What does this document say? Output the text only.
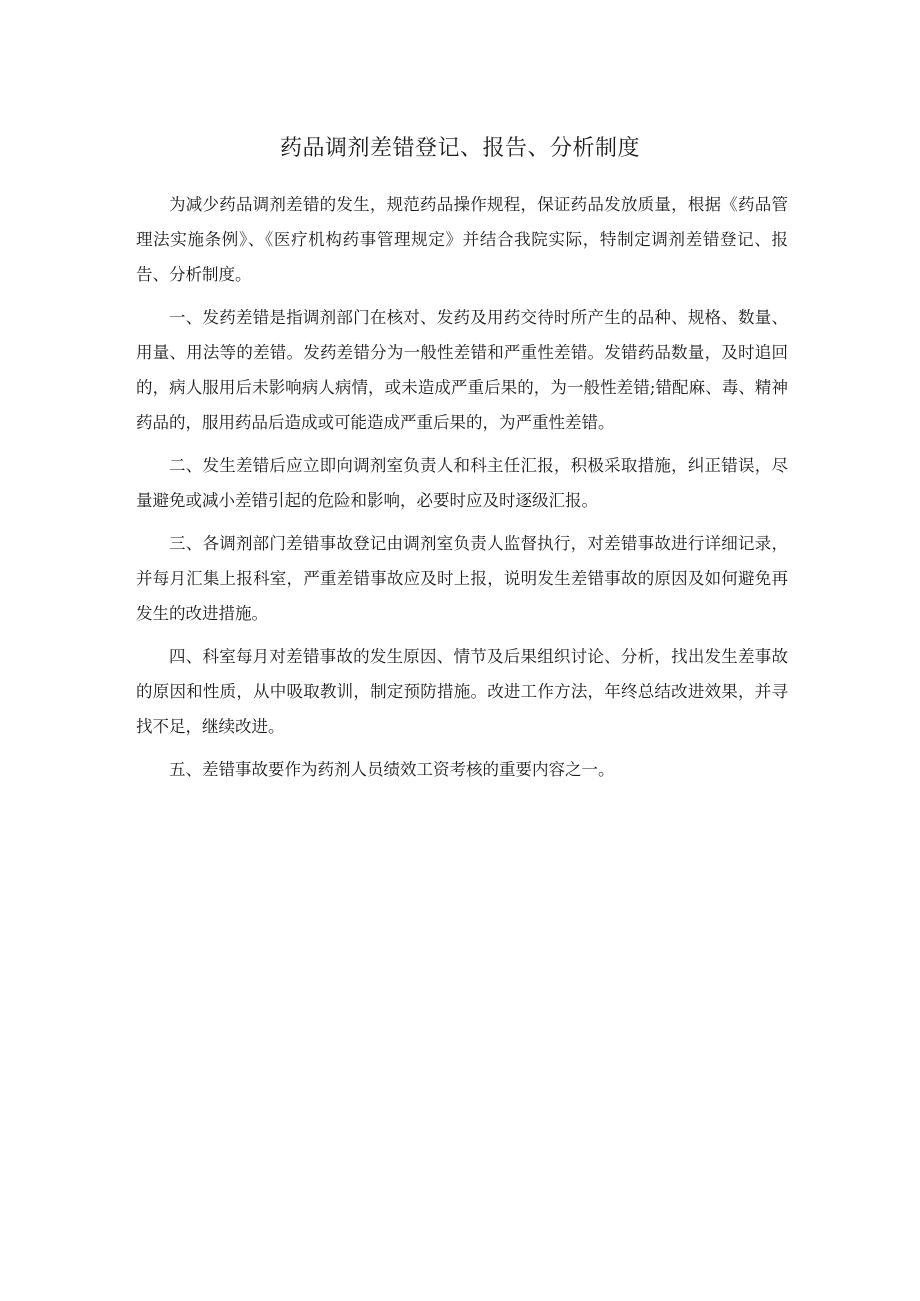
药品调剂差错登记、报告、分析制度

为减少药品调剂差错的发生，规范药品操作规程，保证药品发放质量，根据《药品管理法实施条例》、《医疗机构药事管理规定》并结合我院实际，特制定调剂差错登记、报告、分析制度。

一、发药差错是指调剂部门在核对、发药及用药交待时所产生的品种、规格、数量、用量、用法等的差错。发药差错分为一般性差错和严重性差错。发错药品数量，及时追回的，病人服用后未影响病人病情，或未造成严重后果的，为一般性差错;错配麻、毒、精神药品的，服用药品后造成或可能造成严重后果的，为严重性差错。

二、发生差错后应立即向调剂室负责人和科主任汇报，积极采取措施，纠正错误，尽量避免或减小差错引起的危险和影响，必要时应及时逐级汇报。

三、各调剂部门差错事故登记由调剂室负责人监督执行，对差错事故进行详细记录，并每月汇集上报科室，严重差错事故应及时上报，说明发生差错事故的原因及如何避免再发生的改进措施。

四、科室每月对差错事故的发生原因、情节及后果组织讨论、分析，找出发生差事故的原因和性质，从中吸取教训，制定预防措施。改进工作方法，年终总结改进效果，并寻找不足，继续改进。

五、差错事故要作为药剂人员绩效工资考核的重要内容之一。
